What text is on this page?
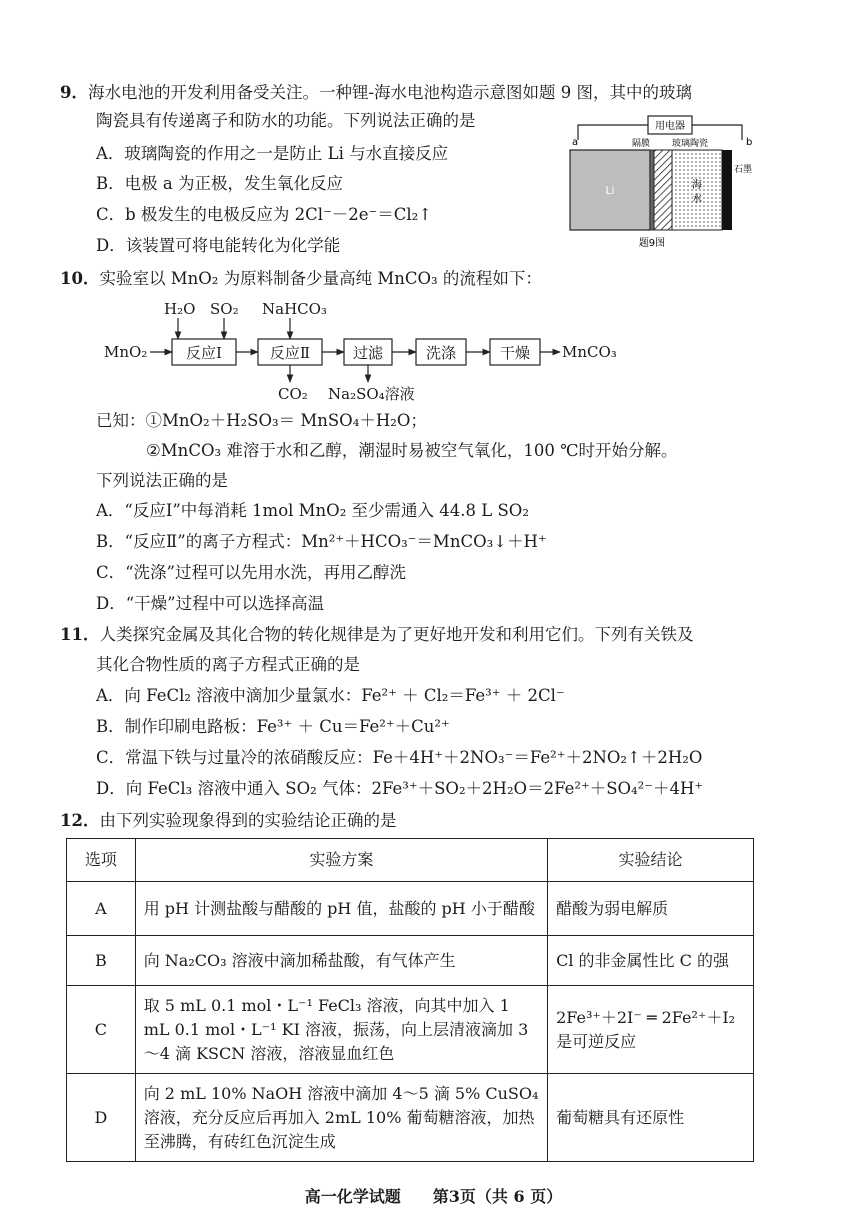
9．海水电池的开发利用备受关注。一种锂-海水电池构造示意图如题 9 图，其中的玻璃
陶瓷具有传递离子和防水的功能。下列说法正确的是
A．玻璃陶瓷的作用之一是防止 Li 与水直接反应
B．电极 a 为正极，发生氧化反应
C．b 极发生的电极反应为 2Cl⁻－2e⁻＝Cl₂↑
D．该装置可将电能转化为化学能
用电器
a	b
Li	海
水
隔膜 玻璃陶瓷
石墨
题9图
10．实验室以 MnO₂ 为原料制备少量高纯 MnCO₃ 的流程如下：
MnO₂	反应Ⅰ	反应Ⅱ	过滤	洗涤	干燥 MnCO₃
H₂O SO₂ NaHCO₃
CO₂ Na₂SO₄溶液
已知：①MnO₂＋H₂SO₃＝ MnSO₄＋H₂O；
②MnCO₃ 难溶于水和乙醇，潮湿时易被空气氧化，100 ℃时开始分解。
下列说法正确的是
A．“反应Ⅰ”中每消耗 1mol MnO₂ 至少需通入 44.8 L SO₂
B．“反应Ⅱ”的离子方程式：Mn²⁺＋HCO₃⁻＝MnCO₃↓＋H⁺
C．“洗涤”过程可以先用水洗，再用乙醇洗
D．“干燥”过程中可以选择高温
11．人类探究金属及其化合物的转化规律是为了更好地开发和利用它们。下列有关铁及
其化合物性质的离子方程式正确的是
A．向 FeCl₂ 溶液中滴加少量氯水：Fe²⁺ ＋ Cl₂＝Fe³⁺ ＋ 2Cl⁻
B．制作印刷电路板：Fe³⁺ ＋ Cu＝Fe²⁺＋Cu²⁺
C．常温下铁与过量冷的浓硝酸反应：Fe＋4H⁺＋2NO₃⁻＝Fe²⁺＋2NO₂↑＋2H₂O
D．向 FeCl₃ 溶液中通入 SO₂ 气体：2Fe³⁺＋SO₂＋2H₂O＝2Fe²⁺＋SO₄²⁻＋4H⁺
12．由下列实验现象得到的实验结论正确的是
选项	实验方案	实验结论
A	用 pH 计测盐酸与醋酸的 pH 值，盐酸的 pH 小于醋酸	醋酸为弱电解质
B	向 Na₂CO₃ 溶液中滴加稀盐酸，有气体产生	Cl 的非金属性比 C 的强
C	取 5 mL 0.1 mol・L⁻¹ FeCl₃ 溶液，向其中加入 1 mL 0.1 mol・L⁻¹ KI 溶液，振荡，向上层清液滴加 3～4 滴 KSCN 溶液，溶液显血红色	2Fe³⁺＋2I⁻ ═ 2Fe²⁺＋I₂ 是可逆反应
D	向 2 mL 10% NaOH 溶液中滴加 4～5 滴 5% CuSO₄ 溶液，充分反应后再加入 2mL 10% 葡萄糖溶液，加热至沸腾，有砖红色沉淀生成	葡萄糖具有还原性
高一化学试题　　第3页（共 6 页）
